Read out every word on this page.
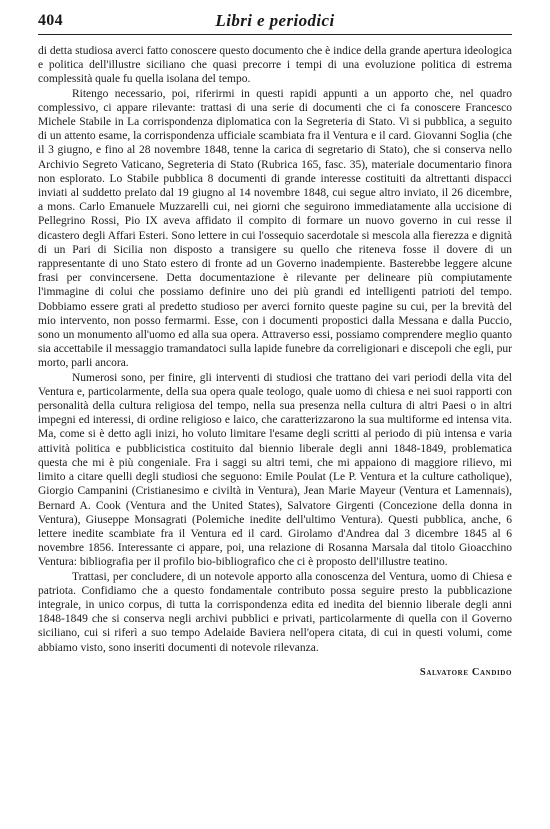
404	Libri e periodici

di detta studiosa averci fatto conoscere questo documento che è indice della grande apertura ideologica e politica dell'illustre siciliano che quasi precorre i tempi di una evoluzione politica di estrema complessità quale fu quella isolana del tempo.

Ritengo necessario, poi, riferirmi in questi rapidi appunti a un apporto che, nel quadro complessivo, ci appare rilevante: trattasi di una serie di documenti che ci fa conoscere Francesco Michele Stabile in La corrispondenza diplomatica con la Segreteria di Stato. Vi si pubblica, a seguito di un attento esame, la corrispondenza ufficiale scambiata fra il Ventura e il card. Giovanni Soglia (che il 3 giugno, e fino al 28 novembre 1848, tenne la carica di segretario di Stato), che si conserva nello Archivio Segreto Vaticano, Segreteria di Stato (Rubrica 165, fasc. 35), materiale documentario finora non esplorato. Lo Stabile pubblica 8 documenti di grande interesse costituiti da altrettanti dispacci inviati al suddetto prelato dal 19 giugno al 14 novembre 1848, cui segue altro inviato, il 26 dicembre, a mons. Carlo Emanuele Muzzarelli cui, nei giorni che seguirono immediatamente alla uccisione di Pellegrino Rossi, Pio IX aveva affidato il compito di formare un nuovo governo in cui resse il dicastero degli Affari Esteri. Sono lettere in cui l'ossequio sacerdotale si mescola alla fierezza e dignità di un Pari di Sicilia non disposto a transigere su quello che riteneva fosse il dovere di un rappresentante di uno Stato estero di fronte ad un Governo inadempiente. Basterebbe leggere alcune frasi per convincersene. Detta documentazione è rilevante per delineare più compiutamente l'immagine di colui che possiamo definire uno dei più grandi ed intelligenti patrioti del tempo. Dobbiamo essere grati al predetto studioso per averci fornito queste pagine su cui, per la brevità del mio intervento, non posso fermarmi. Esse, con i documenti propostici dalla Messana e dalla Puccio, sono un monumento all'uomo ed alla sua opera. Attraverso essi, possiamo comprendere meglio quanto sia accettabile il messaggio tramandatoci sulla lapide funebre da correligionari e discepoli che egli, pur morto, parli ancora.

Numerosi sono, per finire, gli interventi di studiosi che trattano dei vari periodi della vita del Ventura e, particolarmente, della sua opera quale teologo, quale uomo di chiesa e nei suoi rapporti con personalità della cultura religiosa del tempo, nella sua presenza nella cultura di altri Paesi o in altri impegni ed interessi, di ordine religioso e laico, che caratterizzarono la sua multiforme ed intensa vita. Ma, come si è detto agli inizi, ho voluto limitare l'esame degli scritti al periodo di più intensa e varia attività politica e pubblicistica costituito dal biennio liberale degli anni 1848-1849, problematica questa che mi è più congeniale. Fra i saggi su altri temi, che mi appaiono di maggiore rilievo, mi limito a citare quelli degli studiosi che seguono: Emile Poulat (Le P. Ventura et la culture catholique), Giorgio Campanini (Cristianesimo e civiltà in Ventura), Jean Marie Mayeur (Ventura et Lamennais), Bernard A. Cook (Ventura and the United States), Salvatore Girgenti (Concezione della donna in Ventura), Giuseppe Monsagrati (Polemiche inedite dell'ultimo Ventura). Questi pubblica, anche, 6 lettere inedite scambiate fra il Ventura ed il card. Girolamo d'Andrea dal 3 dicembre 1845 al 6 novembre 1856. Interessante ci appare, poi, una relazione di Rosanna Marsala dal titolo Gioacchino Ventura: bibliografia per il profilo bio-bibliografico che ci è proposto dell'illustre teatino.

Trattasi, per concludere, di un notevole apporto alla conoscenza del Ventura, uomo di Chiesa e patriota. Confidiamo che a questo fondamentale contributo possa seguire presto la pubblicazione integrale, in unico corpus, di tutta la corrispondenza edita ed inedita del biennio liberale degli anni 1848-1849 che si conserva negli archivi pubblici e privati, particolarmente di quella con il Governo siciliano, cui si riferì a suo tempo Adelaide Baviera nell'opera citata, di cui in questi volumi, come abbiamo visto, sono inseriti documenti di notevole rilevanza.

Salvatore Candido
